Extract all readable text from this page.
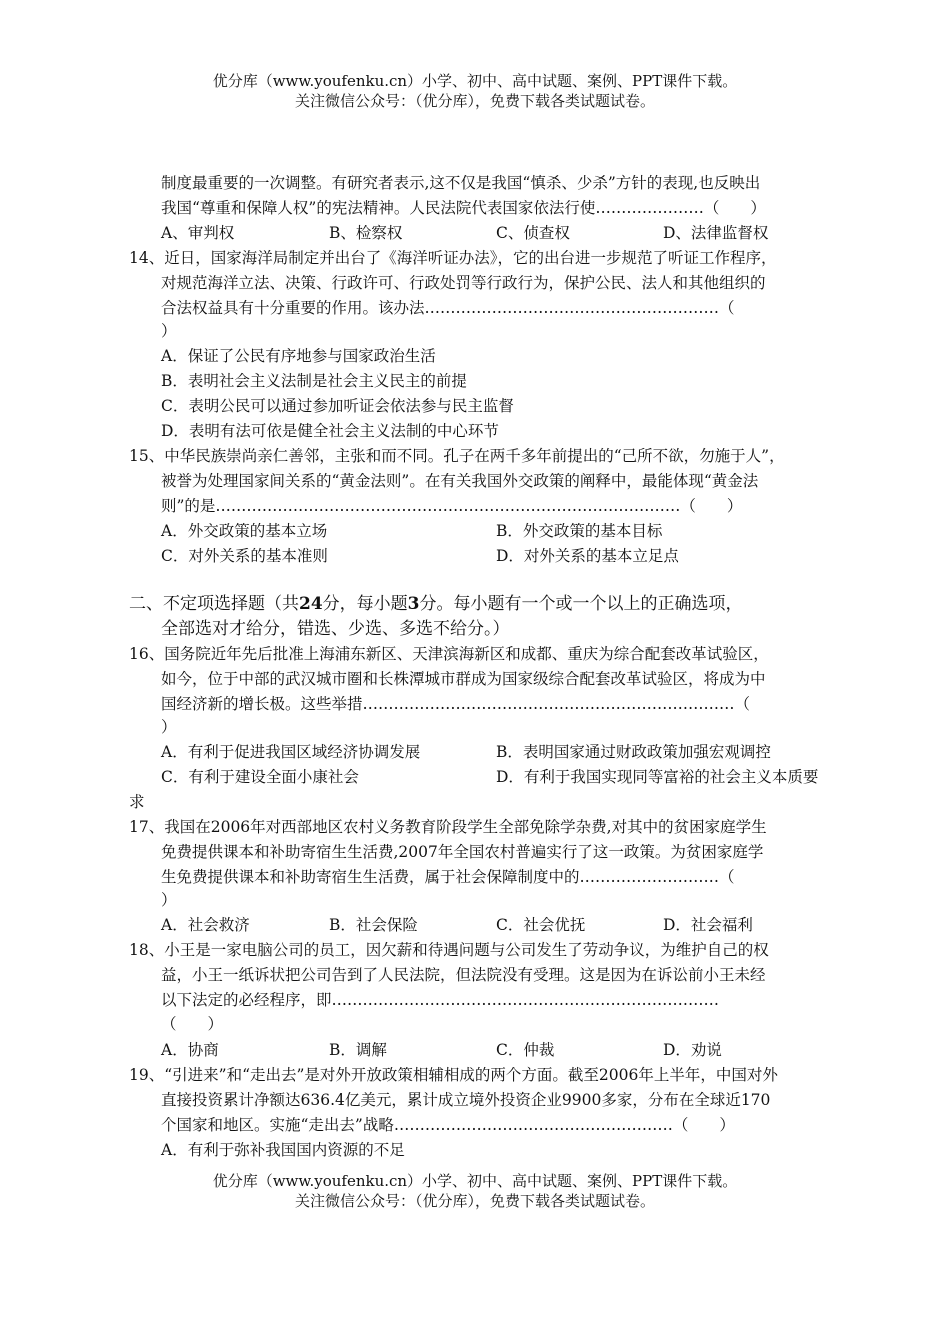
优分库（www.youfenku.cn）小学、初中、高中试题、案例、PPT课件下载。
关注微信公众号：（优分库），免费下载各类试题试卷。
制度最重要的一次调整。有研究者表示,这不仅是我国“慎杀、少杀”方针的表现,也反映出
我国“尊重和保障人权”的宪法精神。人民法院代表国家依法行使…………………（　　）
A、审判权	B、检察权	C、侦查权	D、法律监督权
14、近日，国家海洋局制定并出台了《海洋听证办法》，它的出台进一步规范了听证工作程序，
对规范海洋立法、决策、行政许可、行政处罚等行政行为，保护公民、法人和其他组织的
合法权益具有十分重要的作用。该办法…………………………………………………（
）
A．保证了公民有序地参与国家政治生活
B．表明社会主义法制是社会主义民主的前提
C．表明公民可以通过参加听证会依法参与民主监督
D．表明有法可依是健全社会主义法制的中心环节
15、中华民族崇尚亲仁善邻，主张和而不同。孔子在两千多年前提出的“己所不欲，勿施于人”，
被誉为处理国家间关系的“黄金法则”。在有关我国外交政策的阐释中，最能体现“黄金法
则”的是………………………………………………………………………………（　　）
A．外交政策的基本立场	B．外交政策的基本目标
C．对外关系的基本准则	D．对外关系的基本立足点
二、不定项选择题（共24分，每小题3分。每小题有一个或一个以上的正确选项，
全部选对才给分，错选、少选、多选不给分。）
16、国务院近年先后批准上海浦东新区、天津滨海新区和成都、重庆为综合配套改革试验区，
如今，位于中部的武汉城市圈和长株潭城市群成为国家级综合配套改革试验区，将成为中
国经济新的增长极。这些举措………………………………………………………………（
）
A．有利于促进我国区域经济协调发展	B．表明国家通过财政政策加强宏观调控
C．有利于建设全面小康社会	D．有利于我国实现同等富裕的社会主义本质要
求
17、我国在2006年对西部地区农村义务教育阶段学生全部免除学杂费,对其中的贫困家庭学生
免费提供课本和补助寄宿生生活费,2007年全国农村普遍实行了这一政策。为贫困家庭学
生免费提供课本和补助寄宿生生活费，属于社会保障制度中的………………………（
）
A．社会救济	B．社会保险	C．社会优抚	D．社会福利
18、小王是一家电脑公司的员工，因欠薪和待遇问题与公司发生了劳动争议，为维护自己的权
益，小王一纸诉状把公司告到了人民法院，但法院没有受理。这是因为在诉讼前小王未经
以下法定的必经程序，即…………………………………………………………………
（　　）
A．协商	B．调解	C．仲裁	D．劝说
19、“引进来”和“走出去”是对外开放政策相辅相成的两个方面。截至2006年上半年，中国对外
直接投资累计净额达636.4亿美元，累计成立境外投资企业9900多家，分布在全球近170
个国家和地区。实施“走出去”战略………………………………………………（　　）
A．有利于弥补我国国内资源的不足
优分库（www.youfenku.cn）小学、初中、高中试题、案例、PPT课件下载。
关注微信公众号：（优分库），免费下载各类试题试卷。
